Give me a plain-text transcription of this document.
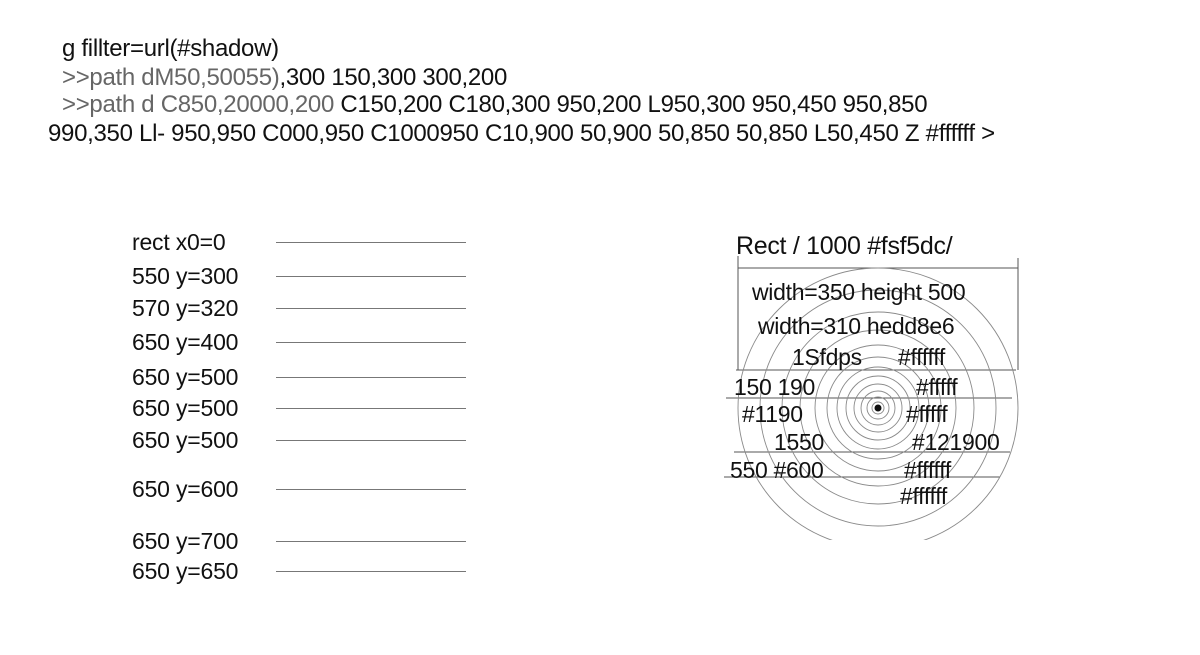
g fillter=url(#shadow)
>>path dM50,50055),300 150,300 300,200
>>path d C850,20000,200 C150,200 C180,300 950,200 L950,300 950,450 950,850
990,350 Ll- 950,950 C000,950 C1000950 C10,900 50,900 50,850 50,850 L50,450 Z #ffffff >
rect x0=0
550 y=300
570 y=320
650 y=400
650 y=500
650 y=500
650 y=500
650 y=600
650 y=700
650 y=650
Rect / 1000 #fsf5dc/
width=350 height 500
width=310 hedd8e6
1Sfdps #ffffff
150 190	#fffff
#1190	#fffff
1550	#121900
550 #600	#ffffff
#ffffff
